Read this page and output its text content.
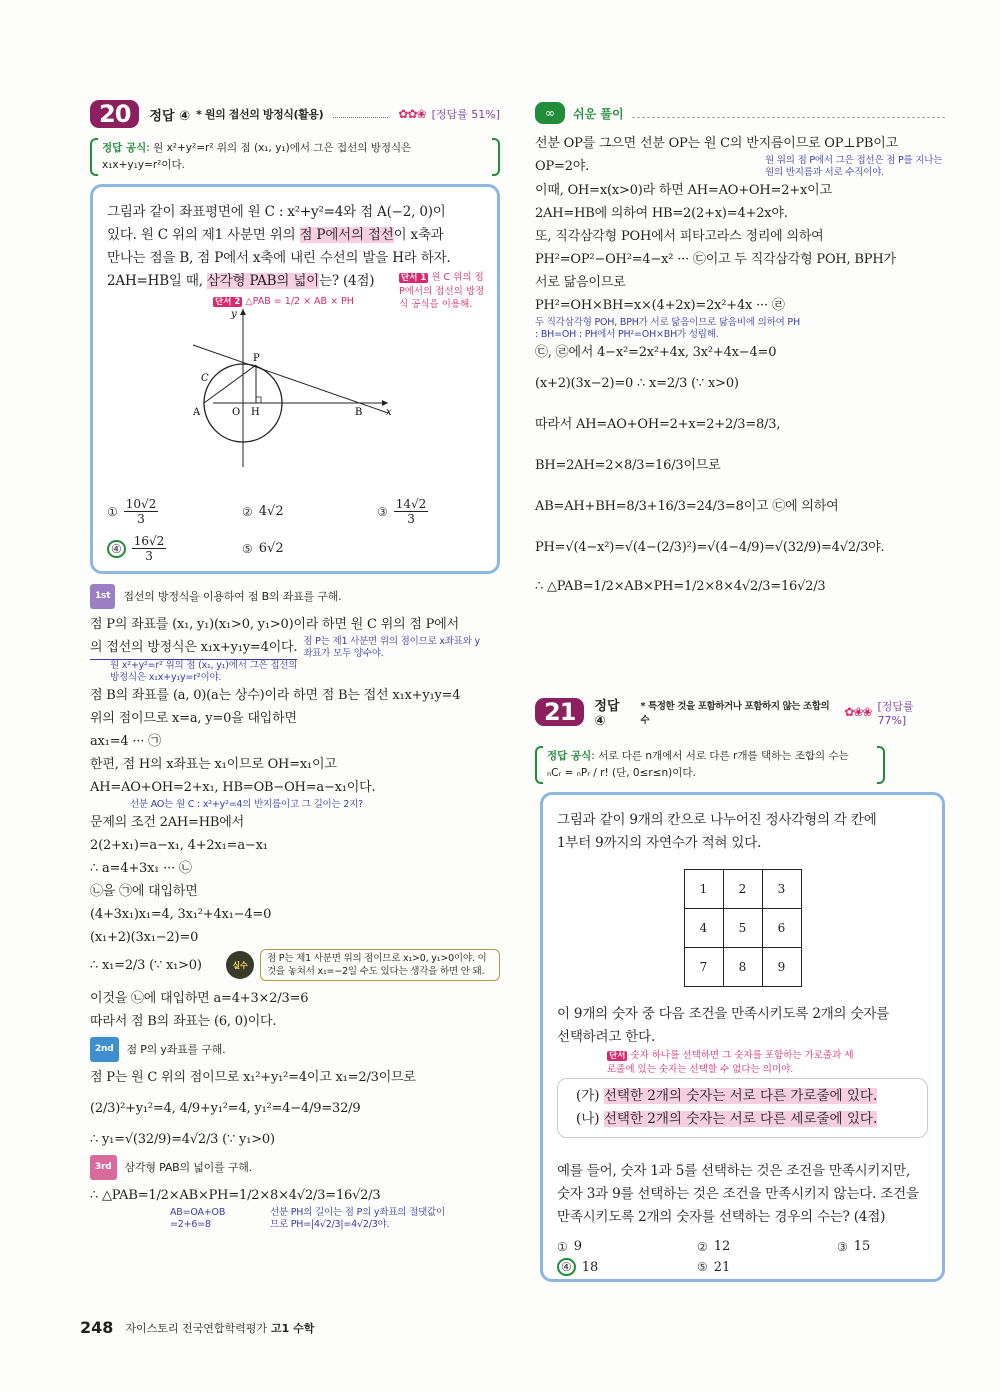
20	정답 ④ * 원의 접선의 방정식(활용)	✿✿❀ [정답률 51%]
정답 공식: 원 x²+y²=r² 위의 점 (x₁, y₁)에서 그은 접선의 방정식은
x₁x+y₁y=r²이다.
그림과 같이 좌표평면에 원 C : x²+y²=4와 점 A(−2, 0)이
있다. 원 C 위의 제1 사분면 위의 점 P에서의 접선이 x축과
만나는 점을 B, 점 P에서 x축에 내린 수선의 발을 H라 하자.
2AH=HB일 때, 삼각형 PAB의 넓이는? (4점)	단서 1 원 C 위의 점 P에서의 접선의 방정식 공식을 이용해.
단서 2 △PAB = 1/2 × AB × PH
y
x
P
C
A	O H	B
① $\frac{10√2}{3}$	② 4√2	③ $\frac{14√2}{3}$
④ $\frac{16√2}{3}$	⑤ 6√2
1st	접선의 방정식을 이용하여 점 B의 좌표를 구해.
점 P의 좌표를 (x₁, y₁)(x₁>0, y₁>0)이라 하면 원 C 위의 점 P에서
의 접선의 방정식은 x₁x+y₁y=4이다. 점 P는 제1 사분면 위의 점이므로 x좌표와 y좌표가 모두 양수야.
원 x²+y²=r² 위의 점 (x₁, y₁)에서 그은 접선의 방정식은 x₁x+y₁y=r²이야.
점 B의 좌표를 (a, 0)(a는 상수)이라 하면 점 B는 접선 x₁x+y₁y=4
위의 점이므로 x=a, y=0을 대입하면
ax₁=4 ··· ㉠
한편, 점 H의 x좌표는 x₁이므로 OH=x₁이고
AH=AO+OH=2+x₁, HB=OB−OH=a−x₁이다.
선분 AO는 원 C : x²+y²=4의 반지름이고 그 길이는 2지?
문제의 조건 2AH=HB에서
2(2+x₁)=a−x₁, 4+2x₁=a−x₁
∴ a=4+3x₁ ··· ㉡
㉡을 ㉠에 대입하면
(4+3x₁)x₁=4, 3x₁²+4x₁−4=0
(x₁+2)(3x₁−2)=0
∴ x₁=2/3 (∵ x₁>0)	실수
점 P는 제1 사분면 위의 점이므로 x₁>0, y₁>0이야. 이것을 놓쳐서 x₁=−2일 수도 있다는 생각을 하면 안 돼.
이것을 ㉡에 대입하면 a=4+3×2/3=6
따라서 점 B의 좌표는 (6, 0)이다.
2nd	점 P의 y좌표를 구해.
점 P는 원 C 위의 점이므로 x₁²+y₁²=4이고 x₁=2/3이므로
(2/3)²+y₁²=4, 4/9+y₁²=4, y₁²=4−4/9=32/9
∴ y₁=√(32/9)=4√2/3 (∵ y₁>0)
3rd	삼각형 PAB의 넓이를 구해.
∴ △PAB=1/2×AB×PH=1/2×8×4√2/3=16√2/3
AB=OA+OB =2+6=8
선분 PH의 길이는 점 P의 y좌표의 절댓값이므로 PH=|4√2/3|=4√2/3야.
∞	쉬운 풀이
선분 OP를 그으면 선분 OP는 원 C의 반지름이므로 OP⊥PB이고
OP=2야.	원 위의 점 P에서 그은 접선은 점 P를 지나는 원의 반지름과 서로 수직이야.
이때, OH=x(x>0)라 하면 AH=AO+OH=2+x이고
2AH=HB에 의하여 HB=2(2+x)=4+2x야.
또, 직각삼각형 POH에서 피타고라스 정리에 의하여
PH²=OP²−OH²=4−x² ··· ㉢이고 두 직각삼각형 POH, BPH가
서로 닮음이므로
PH²=OH×BH=x×(4+2x)=2x²+4x ··· ㉣
두 직각삼각형 POH, BPH가 서로 닮음이므로 닮음비에 의하여 PH : BH=OH : PH에서 PH²=OH×BH가 성립해.
㉢, ㉣에서 4−x²=2x²+4x, 3x²+4x−4=0
(x+2)(3x−2)=0 ∴ x=2/3 (∵ x>0)
따라서 AH=AO+OH=2+x=2+2/3=8/3,
BH=2AH=2×8/3=16/3이므로
AB=AH+BH=8/3+16/3=24/3=8이고 ㉢에 의하여
PH=√(4−x²)=√(4−(2/3)²)=√(4−4/9)=√(32/9)=4√2/3야.
∴ △PAB=1/2×AB×PH=1/2×8×4√2/3=16√2/3
21	정답 ④
* 특정한 것을 포함하거나 포함하지 않는 조합의 수
✿❀❀ [정답률 77%]
정답 공식: 서로 다른 n개에서 서로 다른 r개를 택하는 조합의 수는
ₙCᵣ = ₙPᵣ / r! (단, 0≤r≤n)이다.
그림과 같이 9개의 칸으로 나누어진 정사각형의 각 칸에
1부터 9까지의 자연수가 적혀 있다.
1	2	3
4	5	6
7	8	9
이 9개의 숫자 중 다음 조건을 만족시키도록 2개의 숫자를
선택하려고 한다.
단서 숫자 하나를 선택하면 그 숫자를 포함하는 가로줄과 세로줄에 있는 숫자는 선택할 수 없다는 의미야.
(가) 선택한 2개의 숫자는 서로 다른 가로줄에 있다.
(나) 선택한 2개의 숫자는 서로 다른 세로줄에 있다.
예를 들어, 숫자 1과 5를 선택하는 것은 조건을 만족시키지만,
숫자 3과 9를 선택하는 것은 조건을 만족시키지 않는다. 조건을
만족시키도록 2개의 숫자를 선택하는 경우의 수는? (4점)
① 9	② 12	③ 15
④ 18	⑤ 21
248 자이스토리 전국연합학력평가 고1 수학
